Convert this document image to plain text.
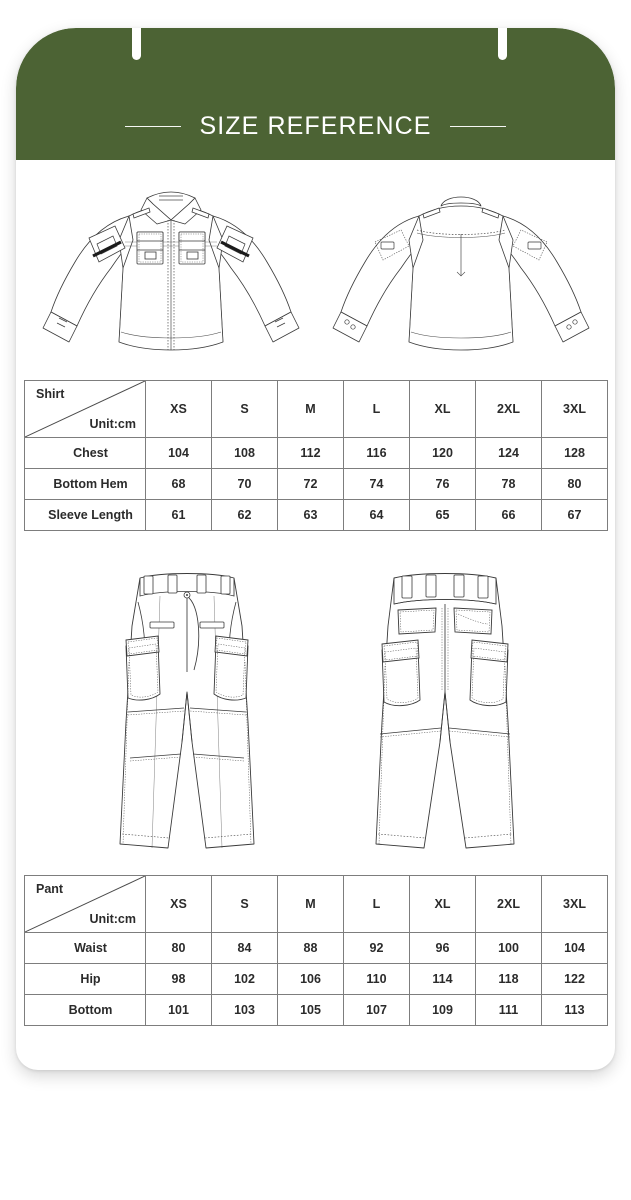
SIZE REFERENCE
Shirt
Unit:cm	XS	S	M	L	XL	2XL	3XL
Chest	104	108	112	116	120	124	128
Bottom Hem	68	70	72	74	76	78	80
Sleeve Length	61	62	63	64	65	66	67
Pant
Unit:cm	XS	S	M	L	XL	2XL	3XL
Waist	80	84	88	92	96	100	104
Hip	98	102	106	110	114	118	122
Bottom	101	103	105	107	109	111	113
